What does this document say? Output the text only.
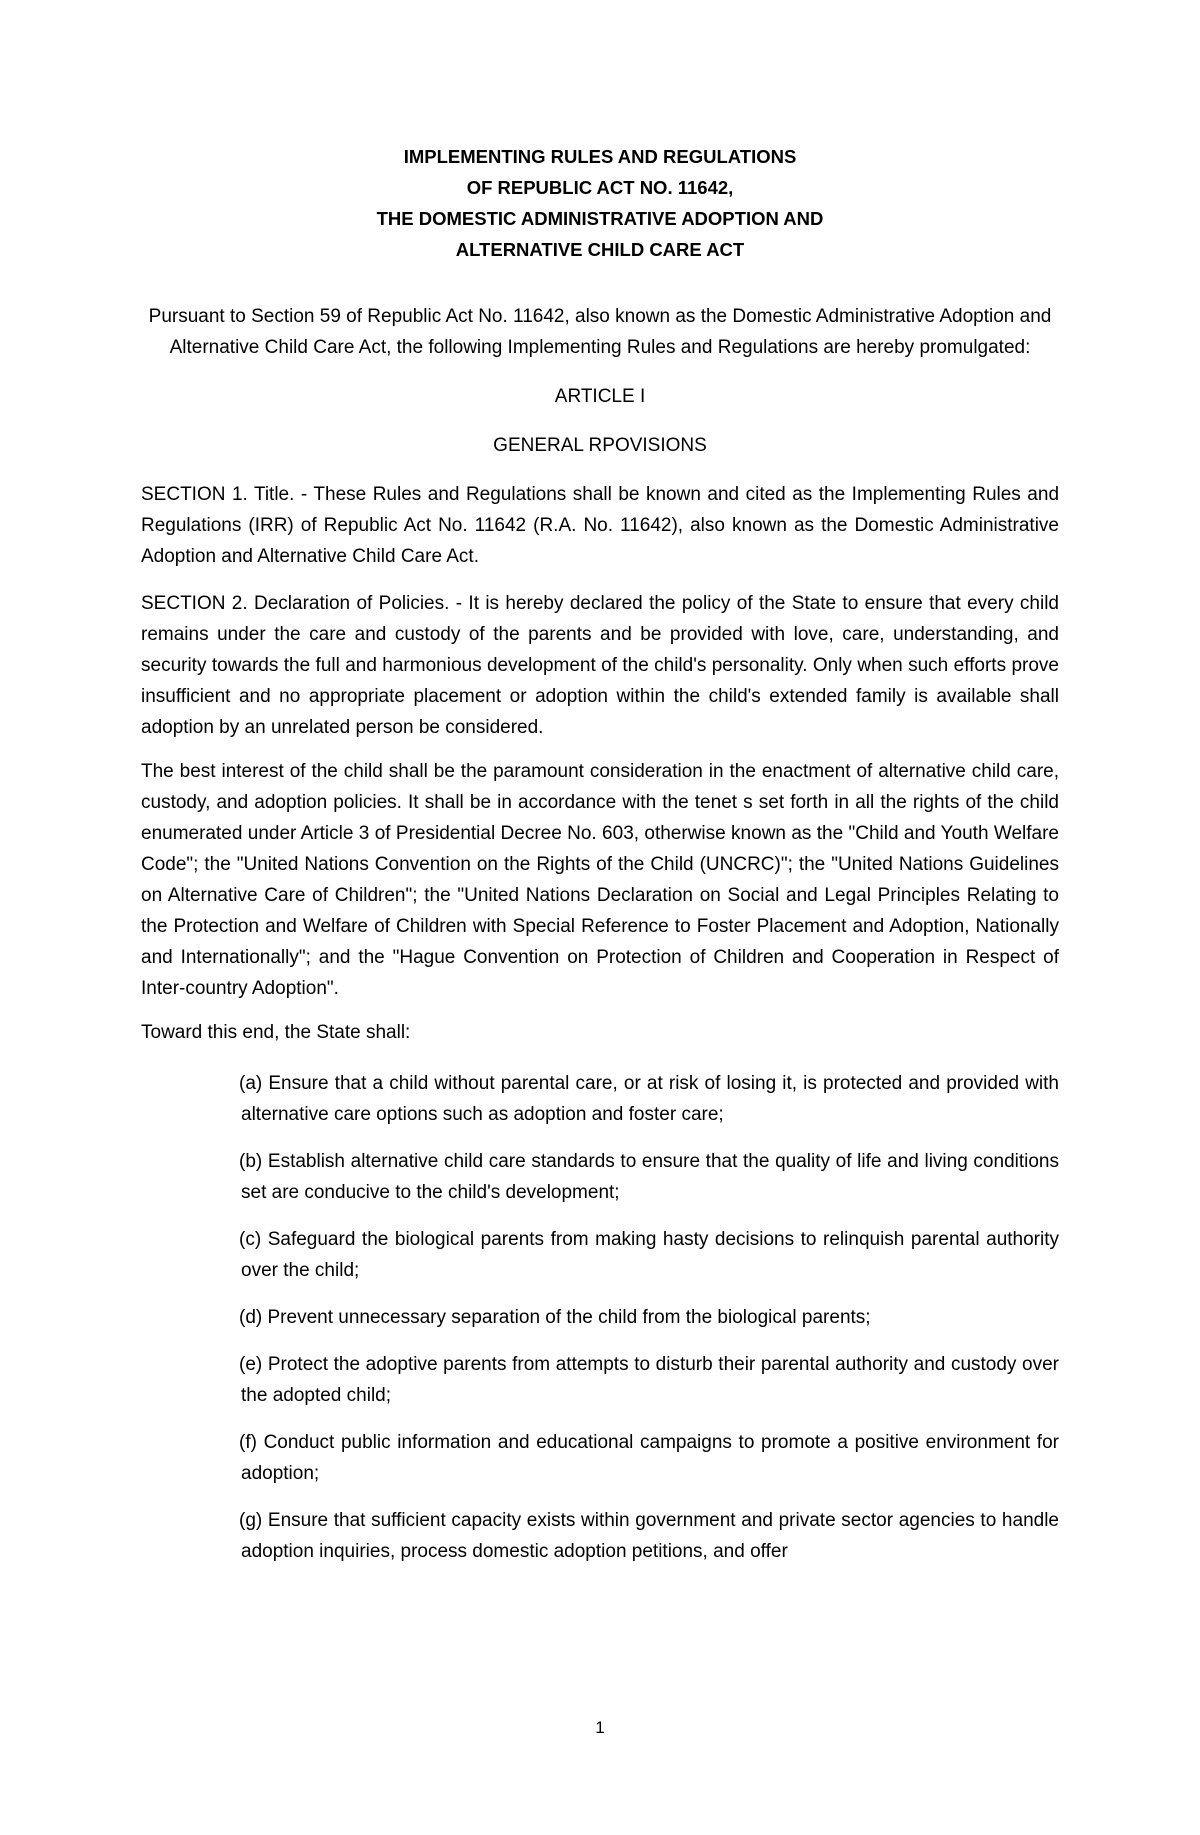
IMPLEMENTING RULES AND REGULATIONS
OF REPUBLIC ACT NO. 11642,
THE DOMESTIC ADMINISTRATIVE ADOPTION AND
ALTERNATIVE CHILD CARE ACT
Pursuant to Section 59 of Republic Act No. 11642, also known as the Domestic Administrative Adoption and Alternative Child Care Act, the following Implementing Rules and Regulations are hereby promulgated:
ARTICLE I
GENERAL RPOVISIONS

SECTION 1. Title. - These Rules and Regulations shall be known and cited as the Implementing Rules and Regulations (IRR) of Republic Act No. 11642 (R.A. No. 11642), also known as the Domestic Administrative Adoption and Alternative Child Care Act.

SECTION 2. Declaration of Policies. - It is hereby declared the policy of the State to ensure that every child remains under the care and custody of the parents and be provided with love, care, understanding, and security towards the full and harmonious development of the child's personality. Only when such efforts prove insufficient and no appropriate placement or adoption within the child's extended family is available shall adoption by an unrelated person be considered.

The best interest of the child shall be the paramount consideration in the enactment of alternative child care, custody, and adoption policies. It shall be in accordance with the tenet s set forth in all the rights of the child enumerated under Article 3 of Presidential Decree No. 603, otherwise known as the "Child and Youth Welfare Code"; the "United Nations Convention on the Rights of the Child (UNCRC)"; the "United Nations Guidelines on Alternative Care of Children"; the "United Nations Declaration on Social and Legal Principles Relating to the Protection and Welfare of Children with Special Reference to Foster Placement and Adoption, Nationally and Internationally"; and the "Hague Convention on Protection of Children and Cooperation in Respect of Inter-country Adoption".

Toward this end, the State shall:

(a) Ensure that a child without parental care, or at risk of losing it, is protected and provided with alternative care options such as adoption and foster care;
(b) Establish alternative child care standards to ensure that the quality of life and living conditions set are conducive to the child's development;
(c) Safeguard the biological parents from making hasty decisions to relinquish parental authority over the child;
(d) Prevent unnecessary separation of the child from the biological parents;
(e) Protect the adoptive parents from attempts to disturb their parental authority and custody over the adopted child;
(f) Conduct public information and educational campaigns to promote a positive environment for adoption;
(g) Ensure that sufficient capacity exists within government and private sector agencies to handle adoption inquiries, process domestic adoption petitions, and offer
1
